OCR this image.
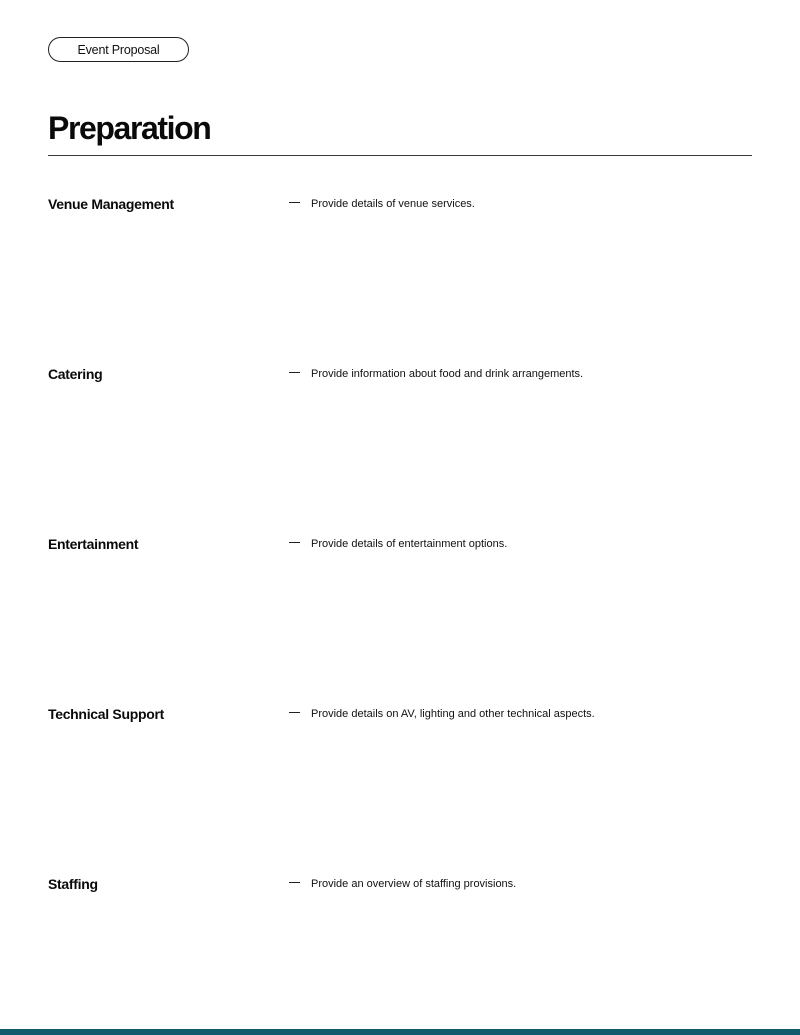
Event Proposal
Preparation
Venue Management	Provide details of venue services.

Catering	Provide information about food and drink arrangements.

Entertainment	Provide details of entertainment options.

Technical Support	Provide details on AV, lighting and other technical aspects.

Staffing	Provide an overview of staffing provisions.
